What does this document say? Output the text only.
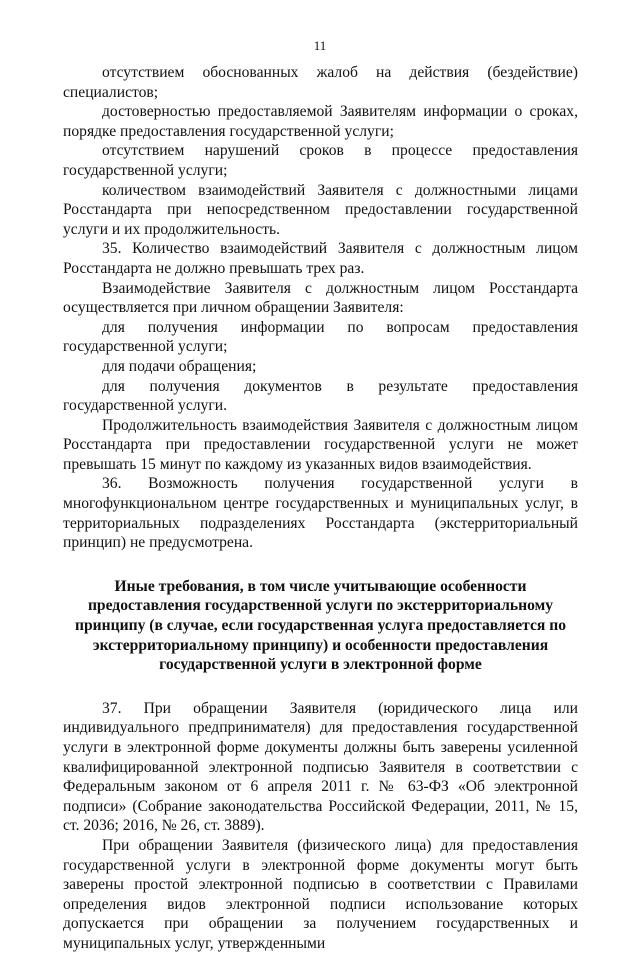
11

отсутствием обоснованных жалоб на действия (бездействие) специалистов;

достоверностью предоставляемой Заявителям информации о сроках, порядке предоставления государственной услуги;

отсутствием нарушений сроков в процессе предоставления государственной услуги;

количеством взаимодействий Заявителя с должностными лицами Росстандарта при непосредственном предоставлении государственной услуги и их продолжительность.

35. Количество взаимодействий Заявителя с должностным лицом Росстандарта не должно превышать трех раз.

Взаимодействие Заявителя с должностным лицом Росстандарта осуществляется при личном обращении Заявителя:

для получения информации по вопросам предоставления государственной услуги;

для подачи обращения;

для получения документов в результате предоставления государственной услуги.

Продолжительность взаимодействия Заявителя с должностным лицом Росстандарта при предоставлении государственной услуги не может превышать 15 минут по каждому из указанных видов взаимодействия.

36. Возможность получения государственной услуги в многофункциональном центре государственных и муниципальных услуг, в территориальных подразделениях Росстандарта (экстерриториальный принцип) не предусмотрена.

Иные требования, в том числе учитывающие особенности предоставления государственной услуги по экстерриториальному принципу (в случае, если государственная услуга предоставляется по экстерриториальному принципу) и особенности предоставления государственной услуги в электронной форме

37. При обращении Заявителя (юридического лица или индивидуального предпринимателя) для предоставления государственной услуги в электронной форме документы должны быть заверены усиленной квалифицированной электронной подписью Заявителя в соответствии с Федеральным законом от 6 апреля 2011 г. № 63-ФЗ «Об электронной подписи» (Собрание законодательства Российской Федерации, 2011, № 15, ст. 2036; 2016, № 26, ст. 3889).

При обращении Заявителя (физического лица) для предоставления государственной услуги в электронной форме документы могут быть заверены простой электронной подписью в соответствии с Правилами определения видов электронной подписи использование которых допускается при обращении за получением государственных и муниципальных услуг, утвержденными
